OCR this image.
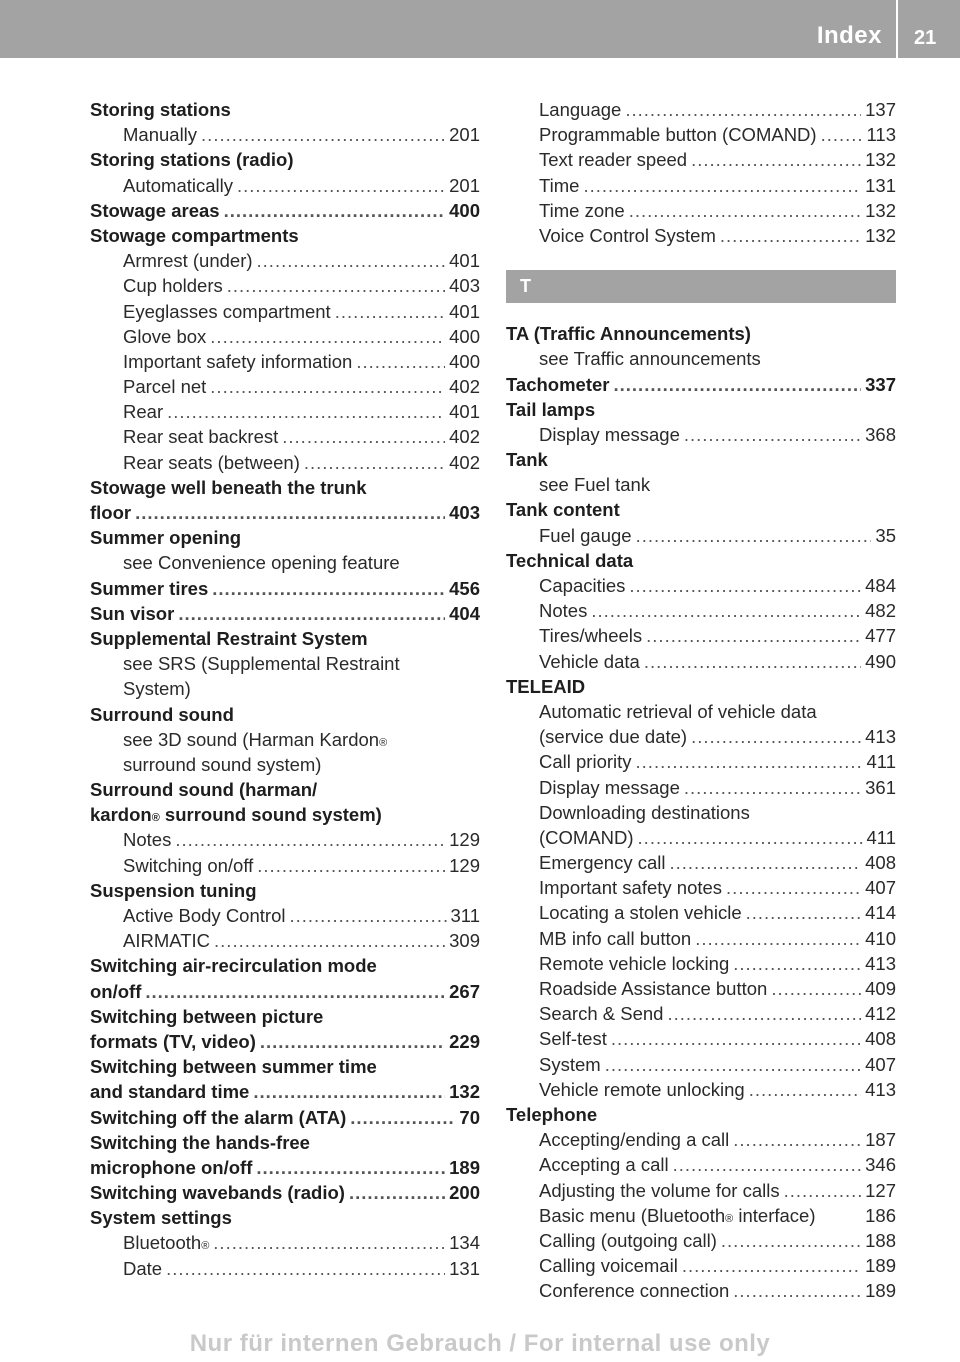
Index 21
Storing stations
Manually .....	201
Storing stations (radio)
Automatically .....	201
Stowage areas .....	400
Stowage compartments
Armrest (under) .....	401
Cup holders .....	403
Eyeglasses compartment .....	401
Glove box .....	400
Important safety information .....	400
Parcel net .....	402
Rear .....	401
Rear seat backrest .....	402
Rear seats (between) .....	402
Stowage well beneath the trunk
floor .....	403
Summer opening
see Convenience opening feature
Summer tires .....	456
Sun visor .....	404
Supplemental Restraint System
see SRS (Supplemental Restraint
System)
Surround sound
see 3D sound (Harman Kardon ®
surround sound system)
Surround sound (harman/
kardon ® surround sound system)
Notes .....	129
Switching on/off .....	129
Suspension tuning
Active Body Control .....	311
AIRMATIC .....	309
Switching air-recirculation mode
on/off .....	267
Switching between picture
formats (TV, video) .....	229
Switching between summer time
and standard time .....	132
Switching off the alarm (ATA) .....	70
Switching the hands-free
microphone on/off .....	189
Switching wavebands (radio) .....	200
System settings
Bluetooth ® .....	134
Date .....	131
Language .....	137
Programmable button (COMAND) .....	113
Text reader speed .....	132
Time .....	131
Time zone .....	132
Voice Control System .....	132
T
TA (Traffic Announcements)
see Traffic announcements
Tachometer .....	337
Tail lamps
Display message .....	368
Tank
see Fuel tank
Tank content
Fuel gauge .....	35
Technical data
Capacities .....	484
Notes .....	482
Tires/wheels .....	477
Vehicle data .....	490
TELEAID
Automatic retrieval of vehicle data
(service due date) .....	413
Call priority .....	411
Display message .....	361
Downloading destinations
(COMAND) .....	411
Emergency call .....	408
Important safety notes .....	407
Locating a stolen vehicle .....	414
MB info call button .....	410
Remote vehicle locking .....	413
Roadside Assistance button .....	409
Search & Send .....	412
Self-test .....	408
System .....	407
Vehicle remote unlocking .....	413
Telephone
Accepting/ending a call .....	187
Accepting a call .....	346
Adjusting the volume for calls .....	127
Basic menu (Bluetooth ® interface)	186
Calling (outgoing call) .....	188
Calling voicemail .....	189
Conference connection .....	189
Nur für internen Gebrauch / For internal use only
